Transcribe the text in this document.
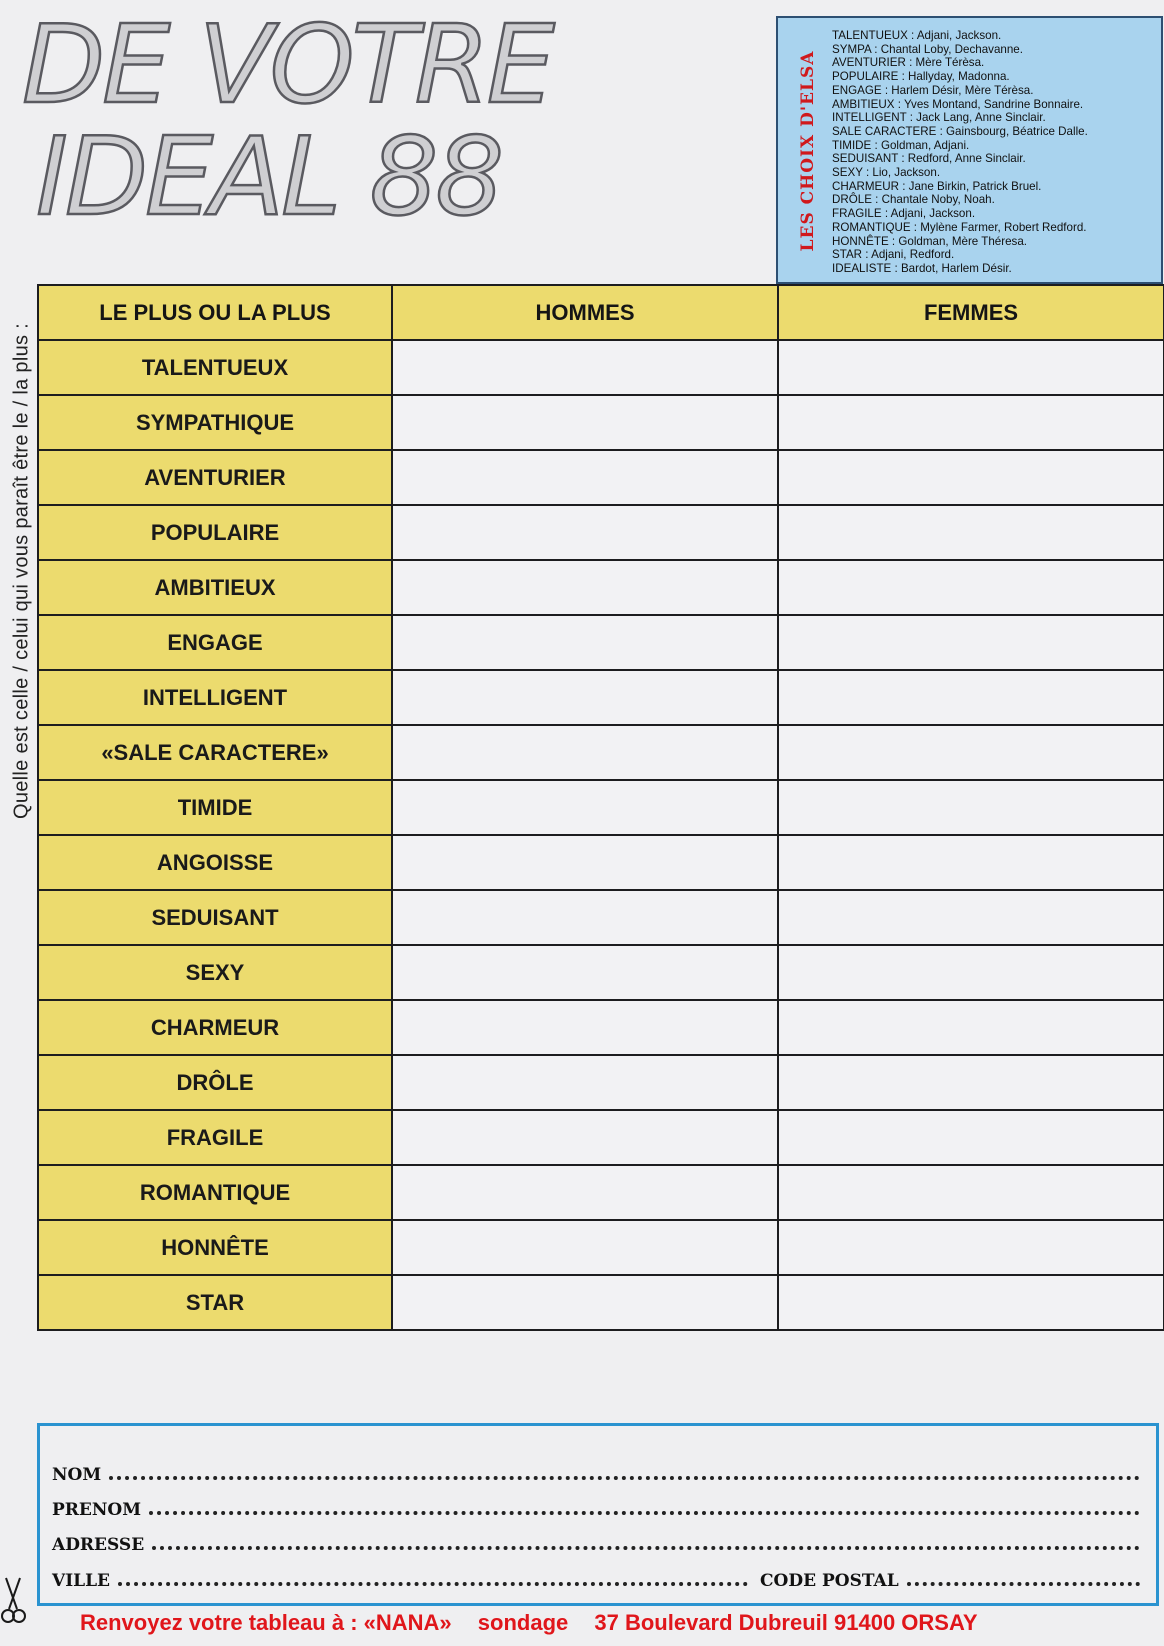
DE VOTRE
IDEAL 88	LES CHOIX D'ELSA
TALENTUEUX : Adjani, Jackson.
SYMPA : Chantal Loby, Dechavanne.
AVENTURIER : Mère Térèsa.
POPULAIRE : Hallyday, Madonna.
ENGAGE : Harlem Désir, Mère Térèsa.
AMBITIEUX : Yves Montand, Sandrine Bonnaire.
INTELLIGENT : Jack Lang, Anne Sinclair.
SALE CARACTERE : Gainsbourg, Béatrice Dalle.
TIMIDE : Goldman, Adjani.
SEDUISANT : Redford, Anne Sinclair.
SEXY : Lio, Jackson.
CHARMEUR : Jane Birkin, Patrick Bruel.
DRÔLE : Chantale Noby, Noah.
FRAGILE : Adjani, Jackson.
ROMANTIQUE : Mylène Farmer, Robert Redford.
HONNÊTE : Goldman, Mère Théresa.
STAR : Adjani, Redford.
IDEALISTE : Bardot, Harlem Désir.
Quelle est celle / celui qui vous paraît être le / la plus :
LE PLUS OU LA PLUS	HOMMES	FEMMES
TALENTUEUX		
SYMPATHIQUE		
AVENTURIER		
POPULAIRE		
AMBITIEUX		
ENGAGE		
INTELLIGENT		
«SALE CARACTERE»		
TIMIDE		
ANGOISSE		
SEDUISANT		
SEXY		
CHARMEUR		
DRÔLE		
FRAGILE		
ROMANTIQUE		
HONNÊTE		
STAR		
NOM
PRENOM
ADRESSE
VILLE	CODE POSTAL
Renvoyez votre tableau à : «NANA» sondage 37 Boulevard Dubreuil 91400 ORSAY
